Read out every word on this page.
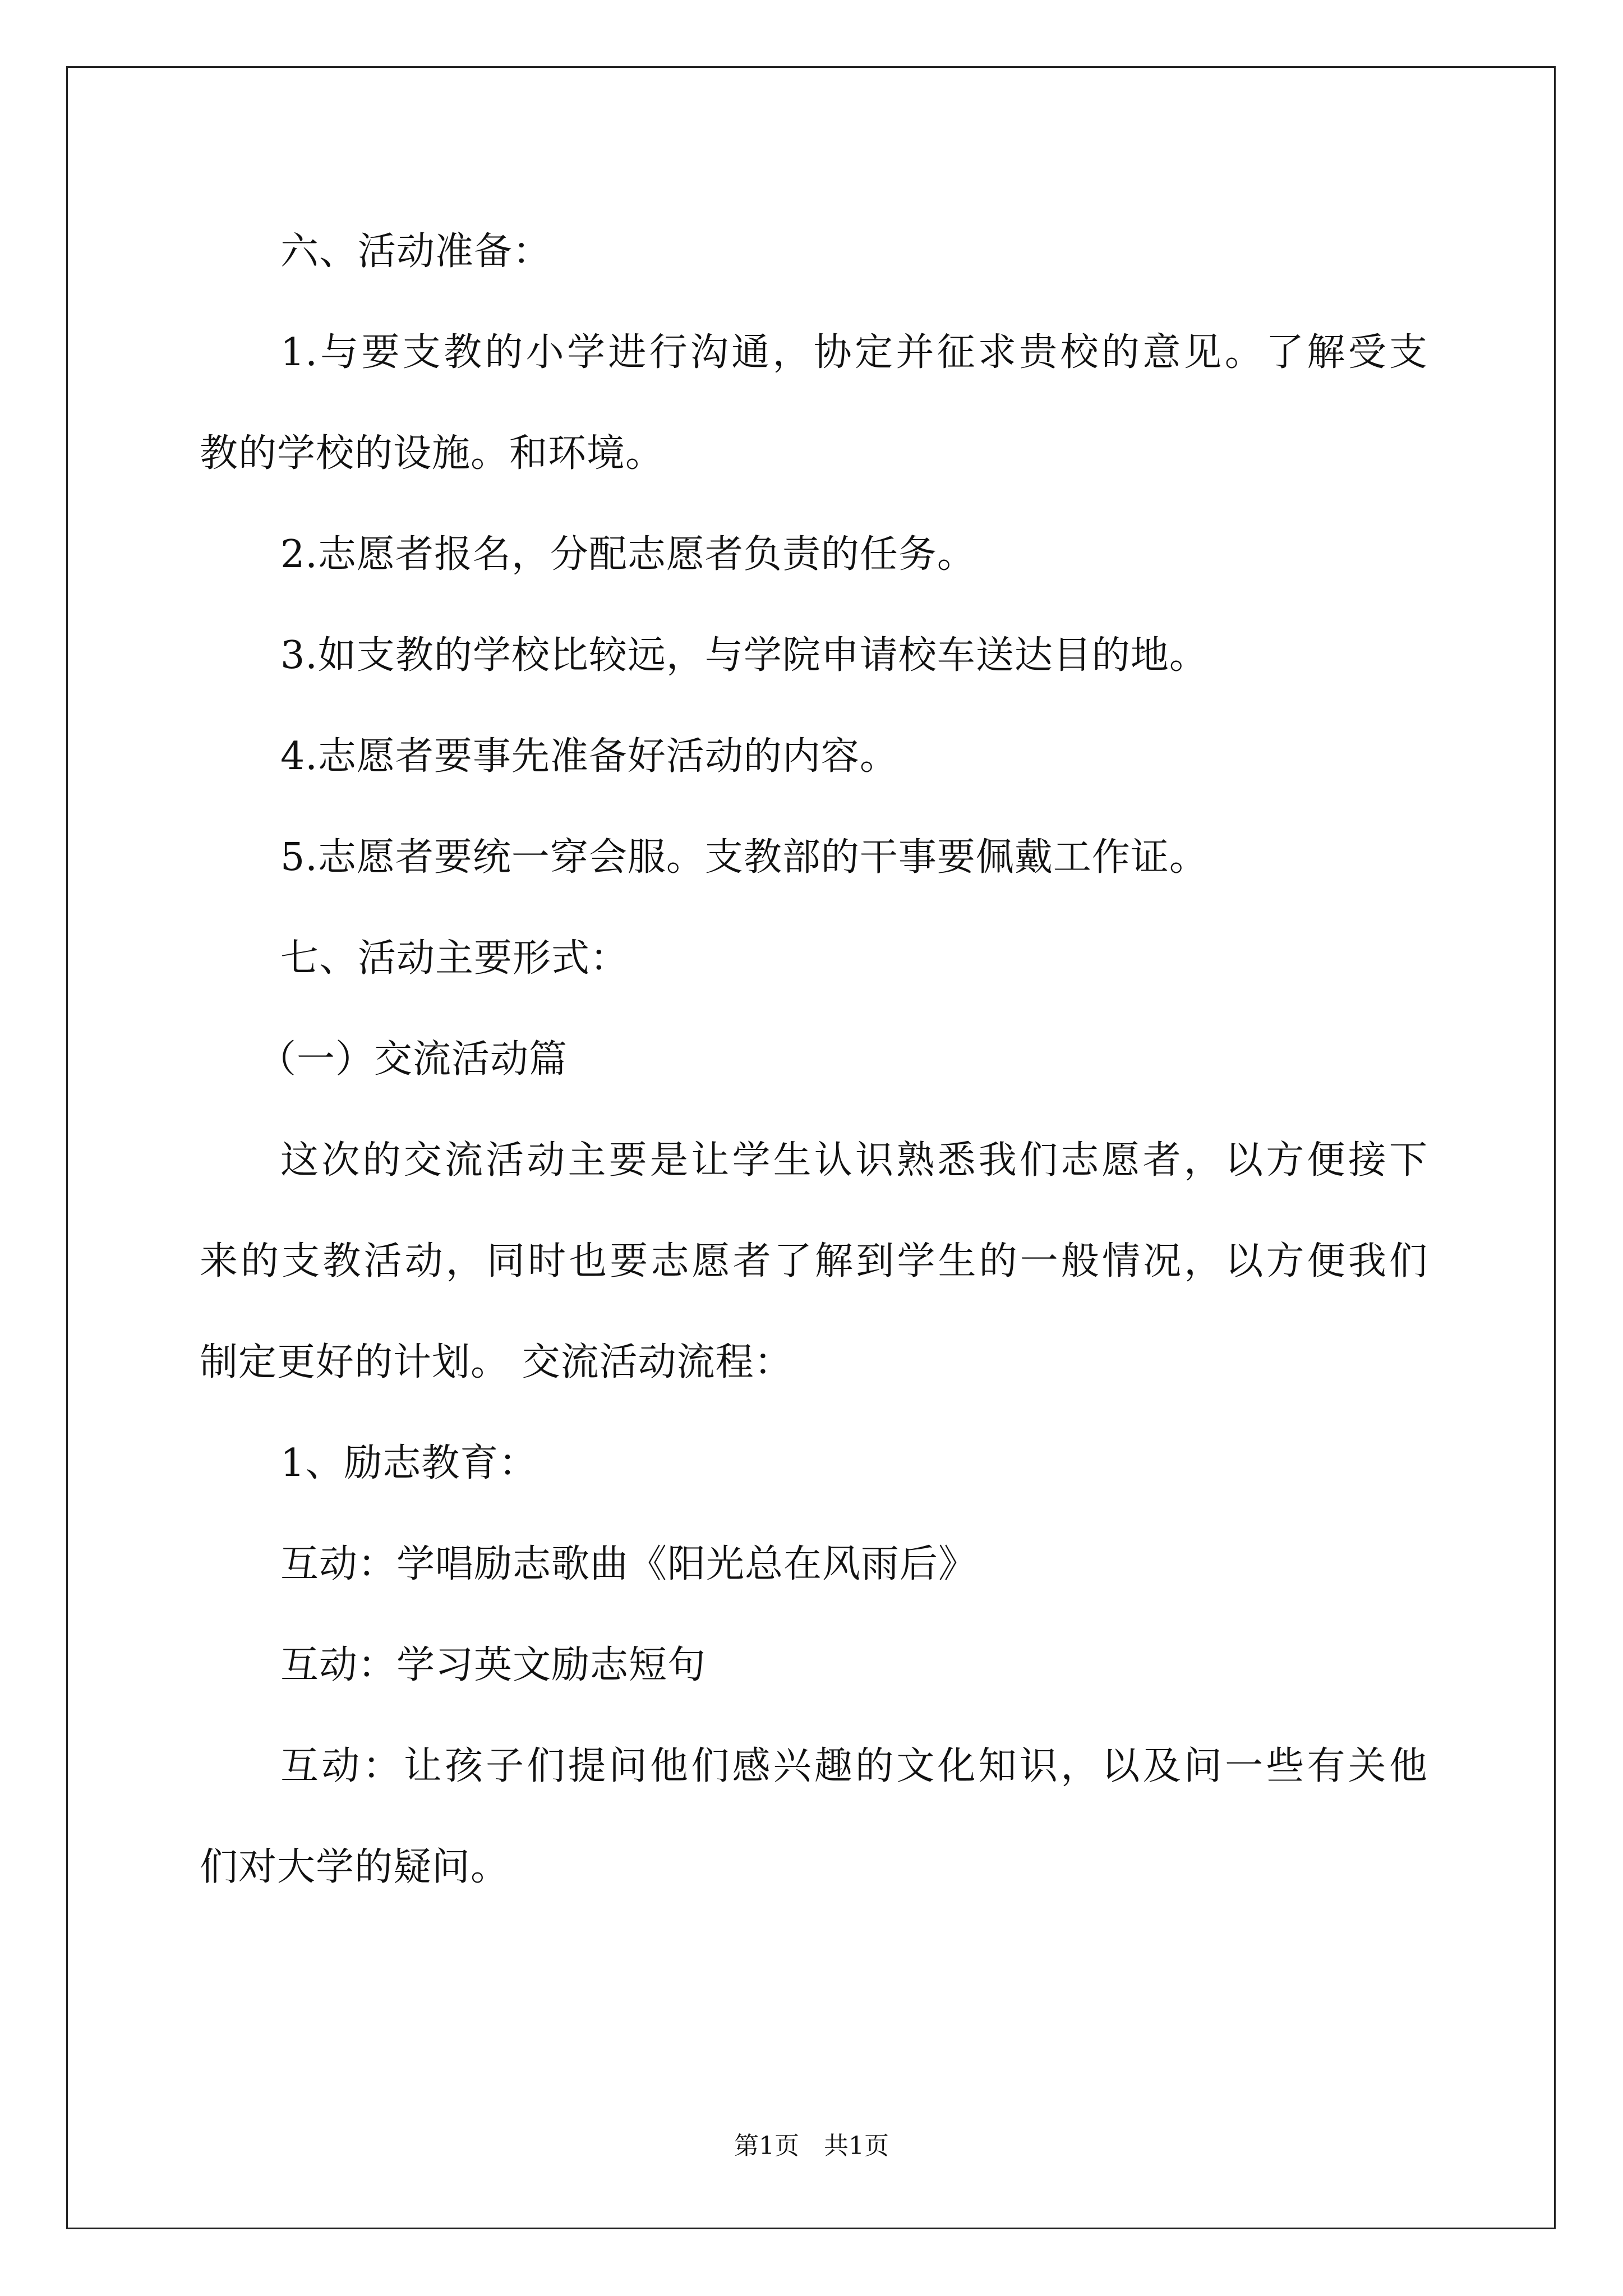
六、活动准备：
1.与要支教的小学进行沟通，协定并征求贵校的意见。了解受支
教的学校的设施。和环境。
2.志愿者报名，分配志愿者负责的任务。
3.如支教的学校比较远，与学院申请校车送达目的地。
4.志愿者要事先准备好活动的内容。
5.志愿者要统一穿会服。支教部的干事要佩戴工作证。
七、活动主要形式：
（一）交流活动篇
这次的交流活动主要是让学生认识熟悉我们志愿者，以方便接下
来的支教活动，同时也要志愿者了解到学生的一般情况，以方便我们
制定更好的计划。 交流活动流程：
1、励志教育：
互动：学唱励志歌曲《阳光总在风雨后》
互动：学习英文励志短句
互动：让孩子们提问他们感兴趣的文化知识，以及问一些有关他
们对大学的疑问。
第1页　共1页
